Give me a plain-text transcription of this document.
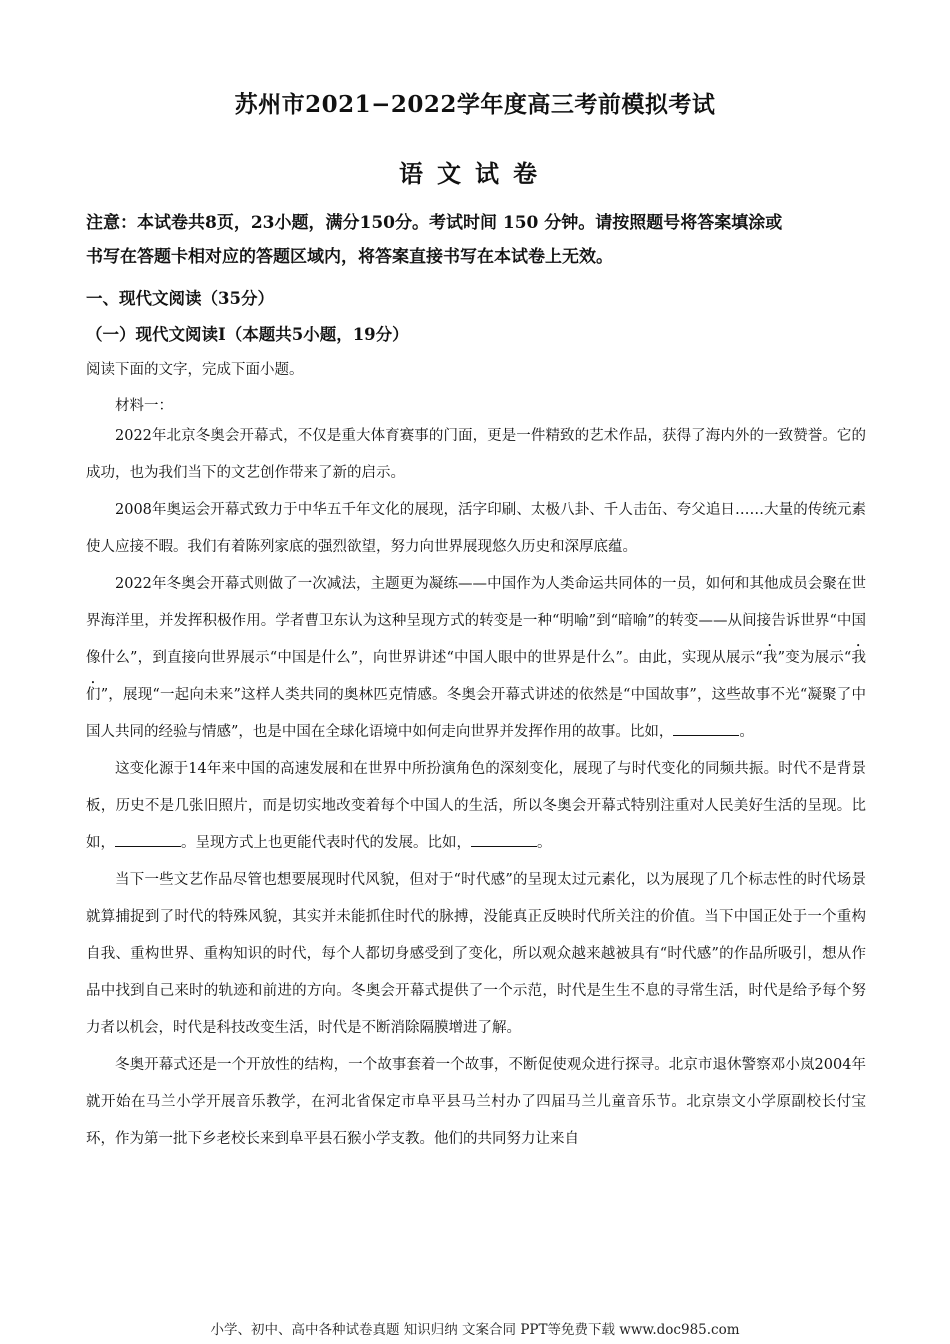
苏州市2021−2022学年度高三考前模拟考试
语文试卷
注意：本试卷共8页，23小题，满分150分。考试时间 150 分钟。请按照题号将答案填涂或
书写在答题卡相对应的答题区域内，将答案直接书写在本试卷上无效。
一、现代文阅读（35分）
（一）现代文阅读Ⅰ（本题共5小题，19分）
阅读下面的文字，完成下面小题。
材料一：

2022年北京冬奥会开幕式，不仅是重大体育赛事的门面，更是一件精致的艺术作品，获得了海内外的一致赞誉。它的成功，也为我们当下的文艺创作带来了新的启示。

2008年奥运会开幕式致力于中华五千年文化的展现，活字印刷、太极八卦、千人击缶、夸父追日……大量的传统元素使人应接不暇。我们有着陈列家底的强烈欲望，努力向世界展现悠久历史和深厚底蕴。

2022年冬奥会开幕式则做了一次减法，主题更为凝练——中国作为人类命运共同体的一员，如何和其他成员会聚在世界海洋里，并发挥积极作用。学者曹卫东认为这种呈现方式的转变是一种“明喻”到“暗喻”的转变——从间接告诉世界“中国像什么”，到直接向世界展示“中国是什么”，向世界讲述“中国人眼中的世界是什么”。由此，实现从展示“我”变为展示“我们”，展现“一起向未来”这样人类共同的奥林匹克情感。冬奥会开幕式讲述的依然是“中国故事”，这些故事不光“凝聚了中国人共同的经验与情感”，也是中国在全球化语境中如何走向世界并发挥作用的故事。比如，	。

这变化源于14年来中国的高速发展和在世界中所扮演角色的深刻变化，展现了与时代变化的同频共振。时代不是背景板，历史不是几张旧照片，而是切实地改变着每个中国人的生活，所以冬奥会开幕式特别注重对人民美好生活的呈现。比如，	。呈现方式上也更能代表时代的发展。比如，	。

当下一些文艺作品尽管也想要展现时代风貌，但对于“时代感”的呈现太过元素化，以为展现了几个标志性的时代场景就算捕捉到了时代的特殊风貌，其实并未能抓住时代的脉搏，没能真正反映时代所关注的价值。当下中国正处于一个重构自我、重构世界、重构知识的时代，每个人都切身感受到了变化，所以观众越来越被具有“时代感”的作品所吸引，想从作品中找到自己来时的轨迹和前进的方向。冬奥会开幕式提供了一个示范，时代是生生不息的寻常生活，时代是给予每个努力者以机会，时代是科技改变生活，时代是不断消除隔膜增进了解。

冬奥开幕式还是一个开放性的结构，一个故事套着一个故事，不断促使观众进行探寻。北京市退休警察邓小岚2004年就开始在马兰小学开展音乐教学，在河北省保定市阜平县马兰村办了四届马兰儿童音乐节。北京崇文小学原副校长付宝环，作为第一批下乡老校长来到阜平县石猴小学支教。他们的共同努力让来自

小学、初中、高中各种试卷真题 知识归纳 文案合同 PPT等免费下载 www.doc985.com
